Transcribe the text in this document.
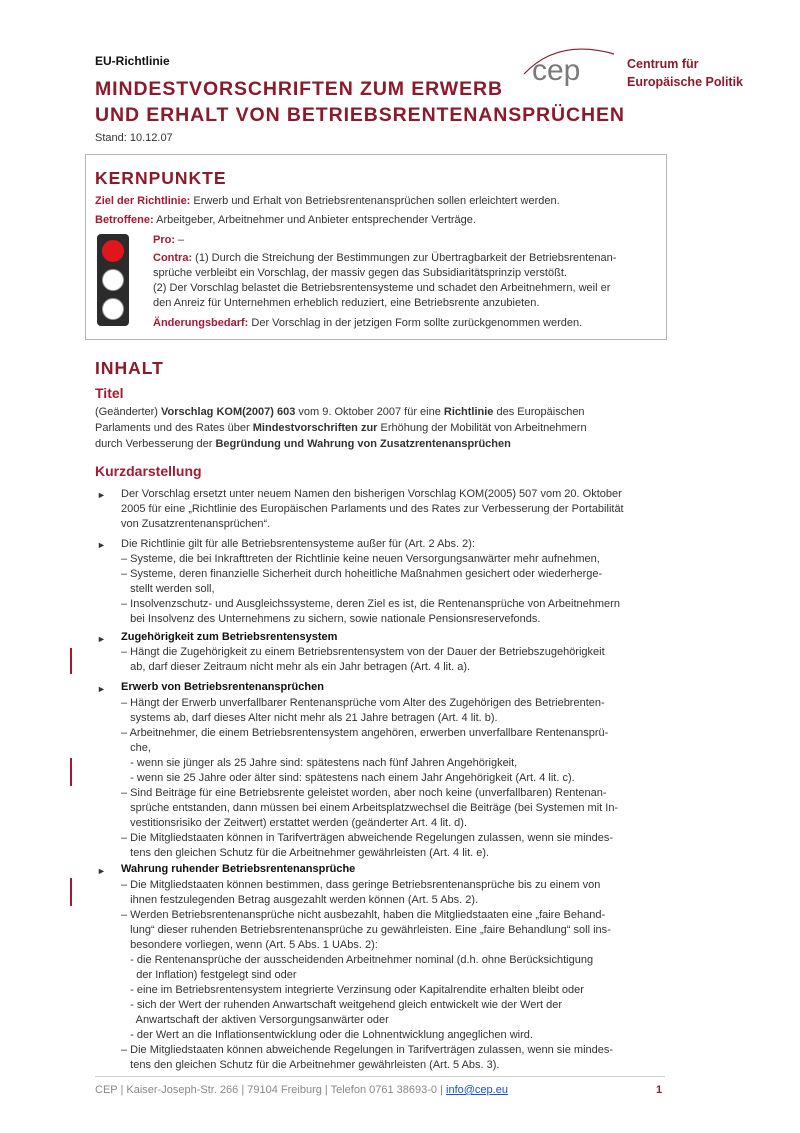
EU-Richtlinie
MINDESTVORSCHRIFTEN ZUM ERWERB
UND ERHALT VON BETRIEBSRENTENANSPRÜCHEN
Stand: 10.12.07
cep	Centrum für
Europäische Politik
KERNPUNKTE
Ziel der Richtlinie: Erwerb und Erhalt von Betriebsrentenansprüchen sollen erleichtert werden.
Betroffene: Arbeitgeber, Arbeitnehmer und Anbieter entsprechender Verträge.
Pro: –
Contra: (1) Durch die Streichung der Bestimmungen zur Übertragbarkeit der Betriebsrentenan-
sprüche verbleibt ein Vorschlag, der massiv gegen das Subsidiaritätsprinzip verstößt.
(2) Der Vorschlag belastet die Betriebsrentensysteme und schadet den Arbeitnehmern, weil er
den Anreiz für Unternehmen erheblich reduziert, eine Betriebsrente anzubieten.
Änderungsbedarf: Der Vorschlag in der jetzigen Form sollte zurückgenommen werden.
INHALT
Titel
(Geänderter) Vorschlag KOM(2007) 603 vom 9. Oktober 2007 für eine Richtlinie des Europäischen
Parlaments und des Rates über Mindestvorschriften zur Erhöhung der Mobilität von Arbeitnehmern
durch Verbesserung der Begründung und Wahrung von Zusatzrentenansprüchen
Kurzdarstellung
► Der Vorschlag ersetzt unter neuem Namen den bisherigen Vorschlag KOM(2005) 507 vom 20. Oktober
2005 für eine „Richtlinie des Europäischen Parlaments und des Rates zur Verbesserung der Portabilität
von Zusatzrentenansprüchen“.
► Die Richtlinie gilt für alle Betriebsrentensysteme außer für (Art. 2 Abs. 2):
– Systeme, die bei Inkrafttreten der Richtlinie keine neuen Versorgungsanwärter mehr aufnehmen,
– Systeme, deren finanzielle Sicherheit durch hoheitliche Maßnahmen gesichert oder wiederherge-
stellt werden soll,
– Insolvenzschutz- und Ausgleichssysteme, deren Ziel es ist, die Rentenansprüche von Arbeitnehmern
bei Insolvenz des Unternehmens zu sichern, sowie nationale Pensionsreservefonds.
► Zugehörigkeit zum Betriebsrentensystem
– Hängt die Zugehörigkeit zu einem Betriebsrentensystem von der Dauer der Betriebszugehörigkeit
ab, darf dieser Zeitraum nicht mehr als ein Jahr betragen (Art. 4 lit. a).
► Erwerb von Betriebsrentenansprüchen
– Hängt der Erwerb unverfallbarer Rentenansprüche vom Alter des Zugehörigen des Betriebrenten-
systems ab, darf dieses Alter nicht mehr als 21 Jahre betragen (Art. 4 lit. b).
– Arbeitnehmer, die einem Betriebsrentensystem angehören, erwerben unverfallbare Rentenansprü-
che,
- wenn sie jünger als 25 Jahre sind: spätestens nach fünf Jahren Angehörigkeit,
- wenn sie 25 Jahre oder älter sind: spätestens nach einem Jahr Angehörigkeit (Art. 4 lit. c).
– Sind Beiträge für eine Betriebsrente geleistet worden, aber noch keine (unverfallbaren) Rentenan-
sprüche entstanden, dann müssen bei einem Arbeitsplatzwechsel die Beiträge (bei Systemen mit In-
vestitionsrisiko der Zeitwert) erstattet werden (geänderter Art. 4 lit. d).
– Die Mitgliedstaaten können in Tarifverträgen abweichende Regelungen zulassen, wenn sie mindes-
tens den gleichen Schutz für die Arbeitnehmer gewährleisten (Art. 4 lit. e).
► Wahrung ruhender Betriebsrentenansprüche
– Die Mitgliedstaaten können bestimmen, dass geringe Betriebsrentenansprüche bis zu einem von
ihnen festzulegenden Betrag ausgezahlt werden können (Art. 5 Abs. 2).
– Werden Betriebsrentenansprüche nicht ausbezahlt, haben die Mitgliedstaaten eine „faire Behand-
lung“ dieser ruhenden Betriebsrentenansprüche zu gewährleisten. Eine „faire Behandlung“ soll ins-
besondere vorliegen, wenn (Art. 5 Abs. 1 UAbs. 2):
- die Rentenansprüche der ausscheidenden Arbeitnehmer nominal (d.h. ohne Berücksichtigung
der Inflation) festgelegt sind oder
- eine im Betriebsrentensystem integrierte Verzinsung oder Kapitalrendite erhalten bleibt oder
- sich der Wert der ruhenden Anwartschaft weitgehend gleich entwickelt wie der Wert der
Anwartschaft der aktiven Versorgungsanwärter oder
- der Wert an die Inflationsentwicklung oder die Lohnentwicklung angeglichen wird.
– Die Mitgliedstaaten können abweichende Regelungen in Tarifverträgen zulassen, wenn sie mindes-
tens den gleichen Schutz für die Arbeitnehmer gewährleisten (Art. 5 Abs. 3).
CEP | Kaiser-Joseph-Str. 266 | 79104 Freiburg | Telefon 0761 38693-0 | info@cep.eu	1
